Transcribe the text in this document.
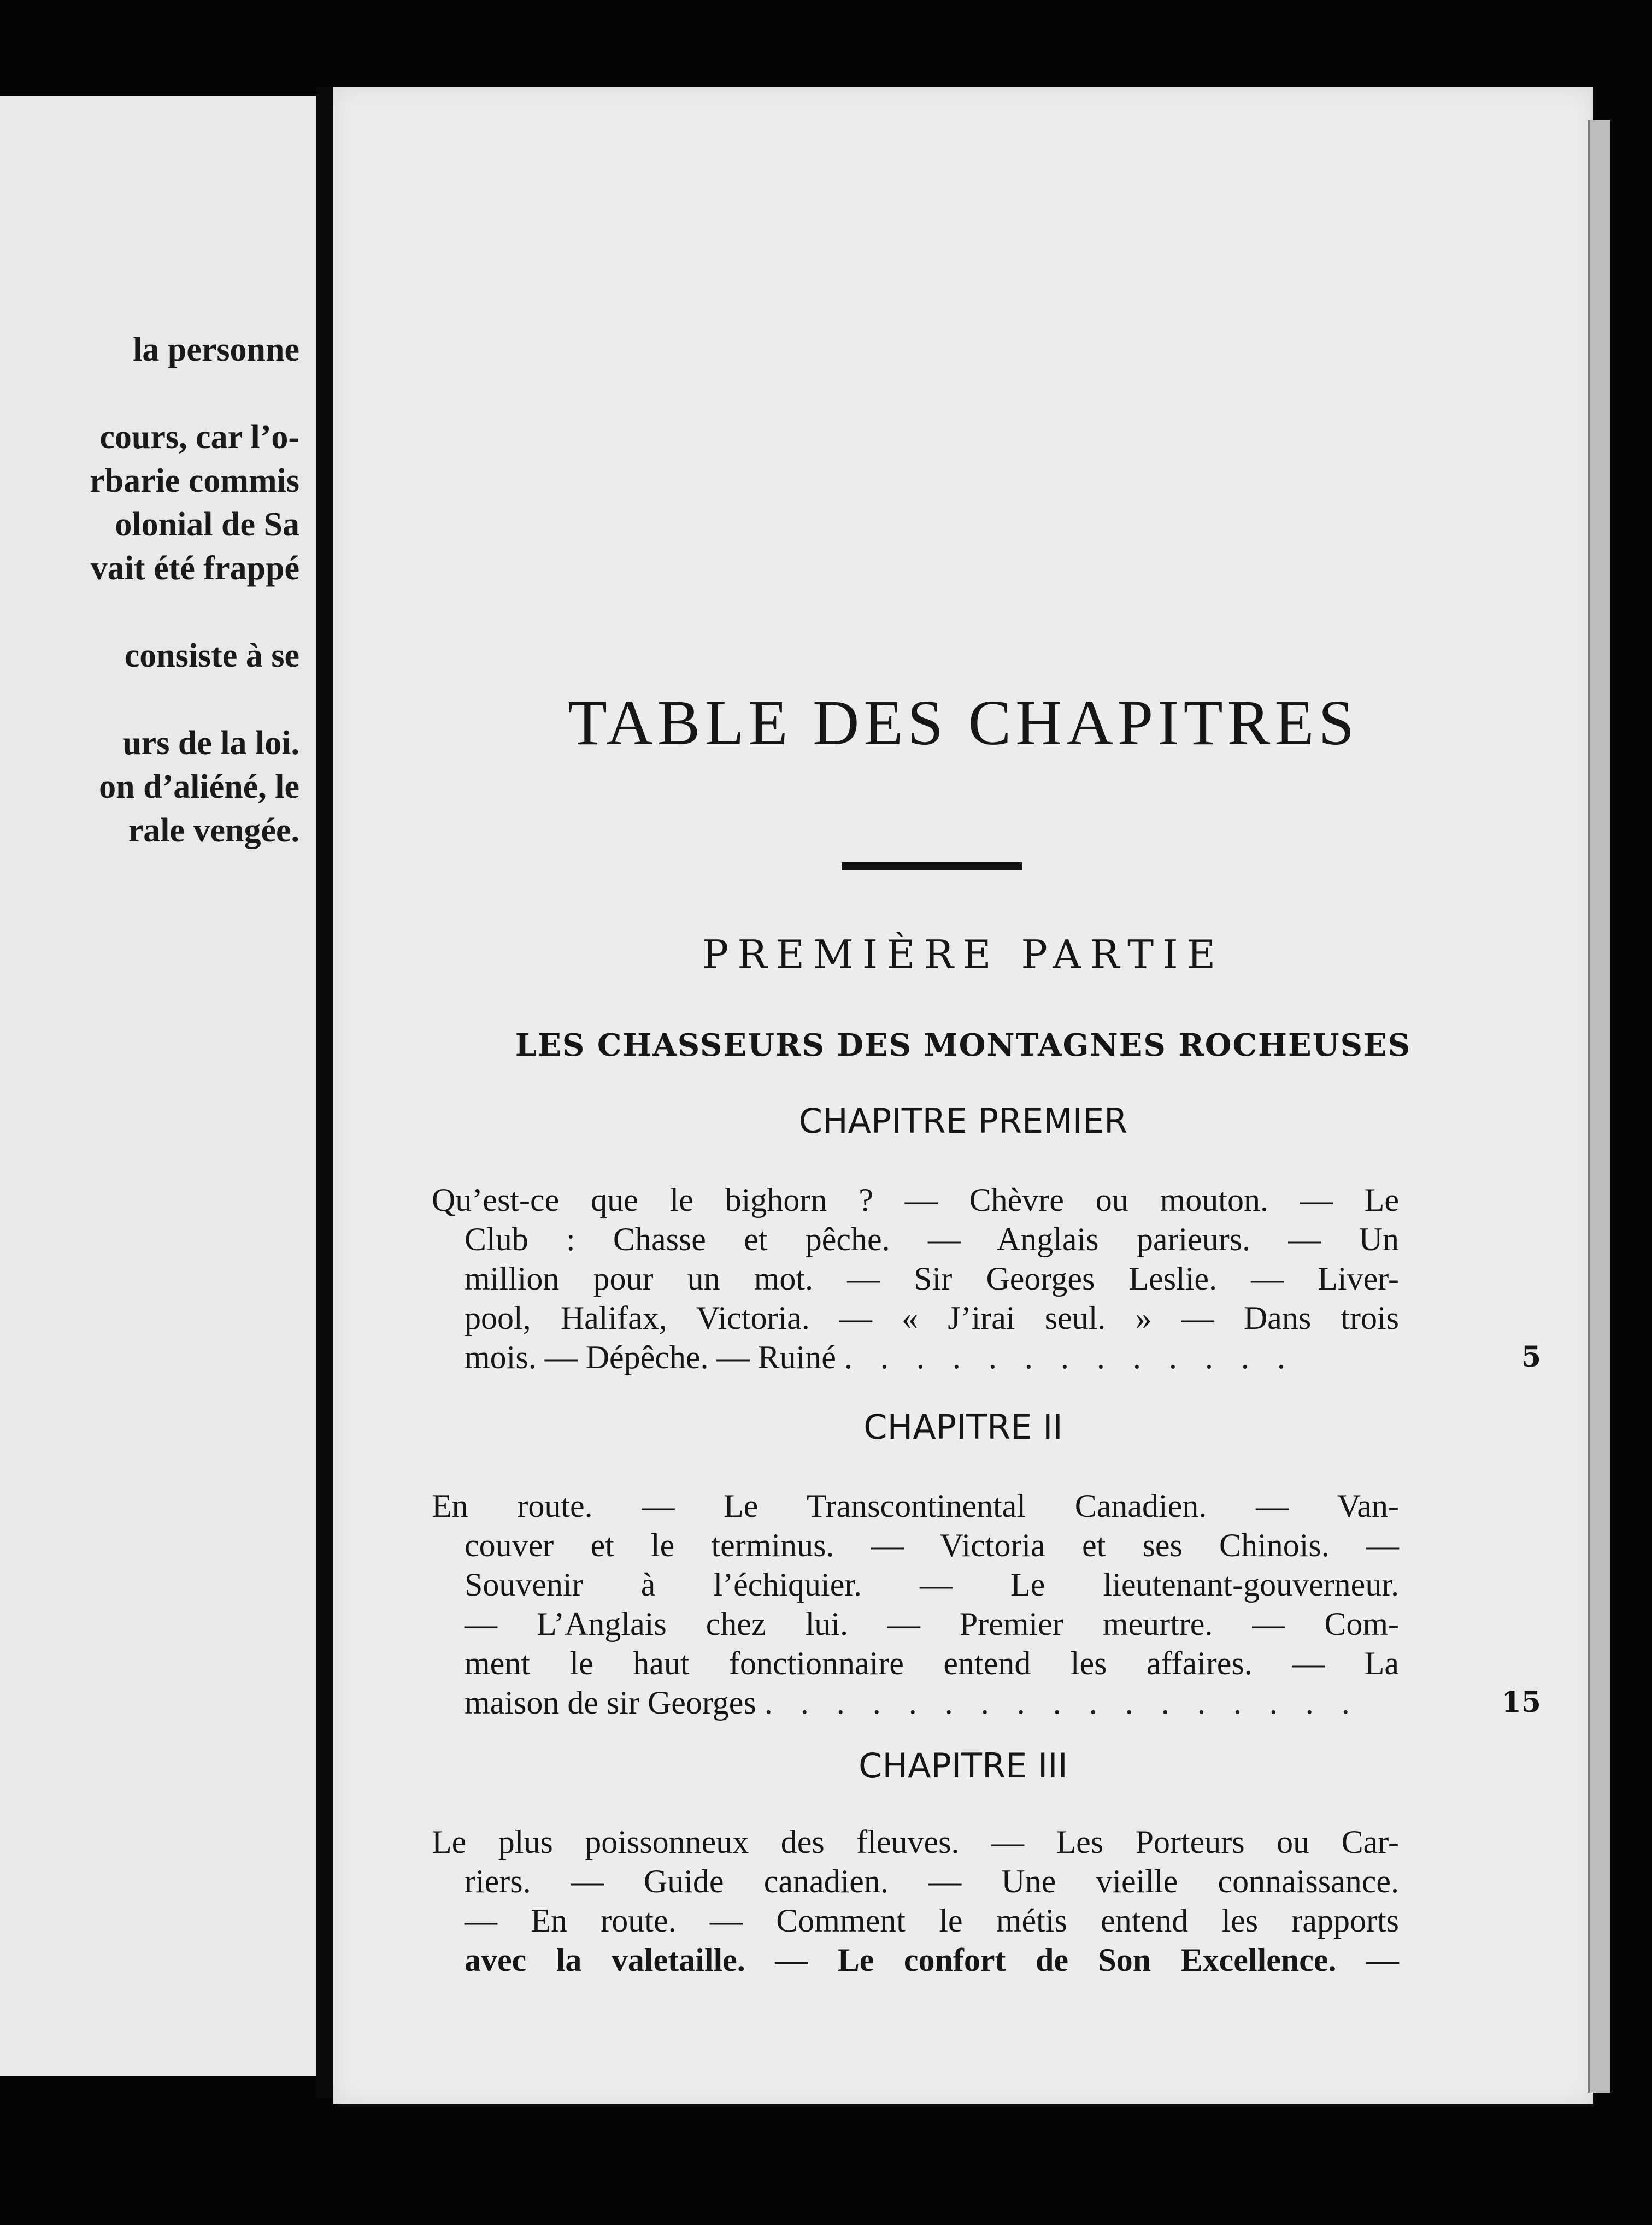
la personne
cours, car l’o-
rbarie commis
olonial de Sa
vait été frappé
consiste à se
urs de la loi.
on d’aliéné, le
rale vengée.
TABLE DES CHAPITRES
PREMIÈRE PARTIE
LES CHASSEURS DES MONTAGNES ROCHEUSES
CHAPITRE PREMIER
Qu’est-ce que le bighorn ? — Chèvre ou mouton. — Le
Club : Chasse et pêche. — Anglais parieurs. — Un
million pour un mot. — Sir Georges Leslie. — Liver-
pool, Halifax, Victoria. — « J’irai seul. » — Dans trois
mois. — Dépêche. — Ruiné . . . . . . . . . . . . .	5
CHAPITRE II
En route. — Le Transcontinental Canadien. — Van-
couver et le terminus. — Victoria et ses Chinois. —
Souvenir à l’échiquier. — Le lieutenant-gouverneur.
— L’Anglais chez lui. — Premier meurtre. — Com-
ment le haut fonctionnaire entend les affaires. — La
maison de sir Georges . . . . . . . . . . . . . . . . .	15
CHAPITRE III
Le plus poissonneux des fleuves. — Les Porteurs ou Car-
riers. — Guide canadien. — Une vieille connaissance.
— En route. — Comment le métis entend les rapports
avec la valetaille. — Le confort de Son Excellence. —
